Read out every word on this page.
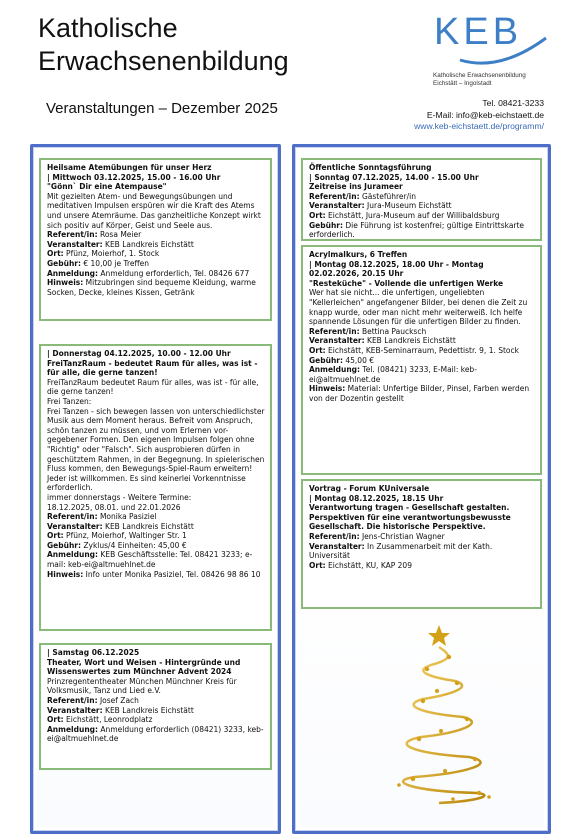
Katholische
Erwachsenenbildung
Veranstaltungen – Dezember 2025
KEB
Katholische Erwachsenenbildung
Eichstätt – Ingolstadt
Tel. 08421-3233
E-Mail: info@keb-eichstaett.de
www.keb-eichstaett.de/programm/

Heilsame Atemübungen für unser Herz

| Mittwoch 03.12.2025, 15.00 - 16.00 Uhr

"Gönn` Dir eine Atempause"

Mit gezielten Atem- und Bewegungsübungen und meditativen Impulsen erspüren wir die Kraft des Atems und unsere Atemräume. Das ganzheitliche Konzept wirkt sich positiv auf Körper, Geist und Seele aus.

Referent/in: Rosa Meier

Veranstalter: KEB Landkreis Eichstätt

Ort: Pfünz, Moierhof, 1. Stock

Gebühr: € 10,00 je Treffen

Anmeldung: Anmeldung erforderlich, Tel. 08426 677

Hinweis: Mitzubringen sind bequeme Kleidung, warme Socken, Decke, kleines Kissen, Getränk

| Donnerstag 04.12.2025, 10.00 - 12.00 Uhr

FreiTanzRaum - bedeutet Raum für alles, was ist - für alle, die gerne tanzen!

FreiTanzRaum bedeutet Raum für alles, was ist - für alle, die gerne tanzen!
Frei Tanzen:
Frei Tanzen - sich bewegen lassen von unterschiedlichster Musik aus dem Moment heraus. Befreit vom Anspruch, schön tanzen zu müssen, und vom Erlernen vor-gegebener Formen. Den eigenen Impulsen folgen ohne "Richtig" oder "Falsch". Sich ausprobieren dürfen in geschütztem Rahmen, in der Begegnung. In spielerischen Fluss kommen, den Bewegungs-Spiel-Raum erweitern! Jeder ist willkommen. Es sind keinerlei Vorkenntnisse erforderlich.
immer donnerstags - Weitere Termine:
18.12.2025, 08.01. und 22.01.2026

Referent/in: Monika Pasiziel

Veranstalter: KEB Landkreis Eichstätt

Ort: Pfünz, Moierhof, Waltinger Str. 1

Gebühr: Zyklus/4 Einheiten: 45,00 €

Anmeldung: KEB Geschäftsstelle: Tel. 08421 3233; e-mail: keb-ei@altmuehlnet.de

Hinweis: Info unter Monika Pasiziel, Tel. 08426 98 86 10

| Samstag 06.12.2025

Theater, Wort und Weisen - Hintergründe und Wissenswertes zum Münchner Advent 2024

Prinzregententheater München Münchner Kreis für Volksmusik, Tanz und Lied e.V.

Referent/in: Josef Zach

Veranstalter: KEB Landkreis Eichstätt

Ort: Eichstätt, Leonrodplatz

Anmeldung: Anmeldung erforderlich (08421) 3233, keb-ei@altmuehlnet.de

Öffentliche Sonntagsführung

| Sonntag 07.12.2025, 14.00 - 15.00 Uhr

Zeitreise ins Jurameer

Referent/in: Gästeführer/in

Veranstalter: Jura-Museum Eichstätt

Ort: Eichstätt, Jura-Museum auf der Willibaldsburg

Gebühr: Die Führung ist kostenfrei; gültige Eintrittskarte erforderlich.

Acrylmalkurs, 6 Treffen

| Montag 08.12.2025, 18.00 Uhr - Montag 02.02.2026, 20.15 Uhr

"Resteküche" - Vollende die unfertigen Werke

Wer hat sie nicht... die unfertigen, ungeliebten "Kellerleichen" angefangener Bilder, bei denen die Zeit zu knapp wurde, oder man nicht mehr weiterweiß. Ich helfe spannende Lösungen für die unfertigen Bilder zu finden.

Referent/in: Bettina Paucksch

Veranstalter: KEB Landkreis Eichstätt

Ort: Eichstätt, KEB-Seminarraum, Pedettistr. 9, 1. Stock

Gebühr: 45,00 €

Anmeldung: Tel. (08421) 3233, E-Mail: keb-ei@altmuehlnet.de

Hinweis: Material: Unfertige Bilder, Pinsel, Farben werden von der Dozentin gestellt

Vortrag - Forum KUniversale

| Montag 08.12.2025, 18.15 Uhr

Verantwortung tragen - Gesellschaft gestalten. Perspektiven für eine verantwortungsbewusste Gesellschaft. Die historische Perspektive.

Referent/in: Jens-Christian Wagner

Veranstalter: In Zusammenarbeit mit der Kath. Universität

Ort: Eichstätt, KU, KAP 209
